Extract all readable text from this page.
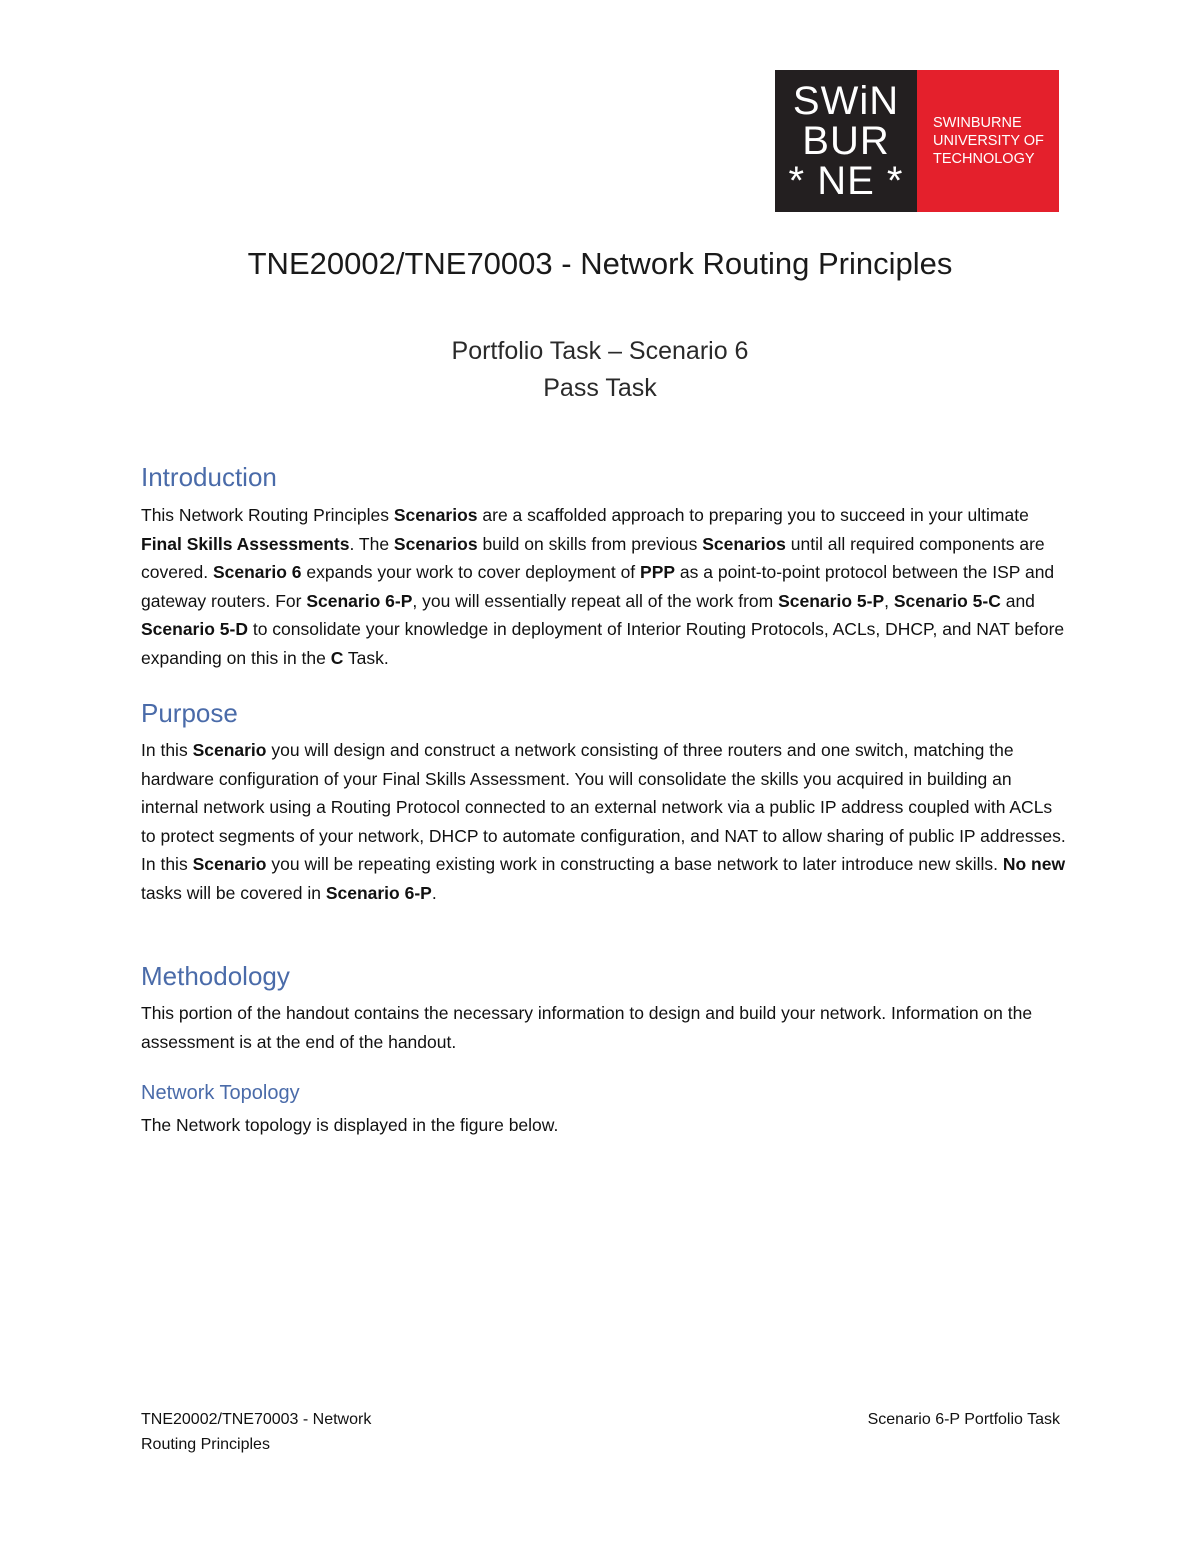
SWiN
BUR
* NE *
SWINBURNE
UNIVERSITY OF
TECHNOLOGY
TNE20002/TNE70003 - Network Routing Principles
Portfolio Task – Scenario 6
Pass Task
Introduction
This Network Routing Principles Scenarios are a scaffolded approach to preparing you to succeed in your ultimate Final Skills Assessments. The Scenarios build on skills from previous Scenarios until all required components are covered. Scenario 6 expands your work to cover deployment of PPP as a point-to-point protocol between the ISP and gateway routers. For Scenario 6-P, you will essentially repeat all of the work from Scenario 5-P, Scenario 5-C and Scenario 5-D to consolidate your knowledge in deployment of Interior Routing Protocols, ACLs, DHCP, and NAT before expanding on this in the C Task.
Purpose
In this Scenario you will design and construct a network consisting of three routers and one switch, matching the hardware configuration of your Final Skills Assessment. You will consolidate the skills you acquired in building an internal network using a Routing Protocol connected to an external network via a public IP address coupled with ACLs to protect segments of your network, DHCP to automate configuration, and NAT to allow sharing of public IP addresses. In this Scenario you will be repeating existing work in constructing a base network to later introduce new skills. No new tasks will be covered in Scenario 6-P.
Methodology
This portion of the handout contains the necessary information to design and build your network. Information on the assessment is at the end of the handout.
Network Topology
The Network topology is displayed in the figure below.
TNE20002/TNE70003 - Network
Routing Principles
Scenario 6-P Portfolio Task
